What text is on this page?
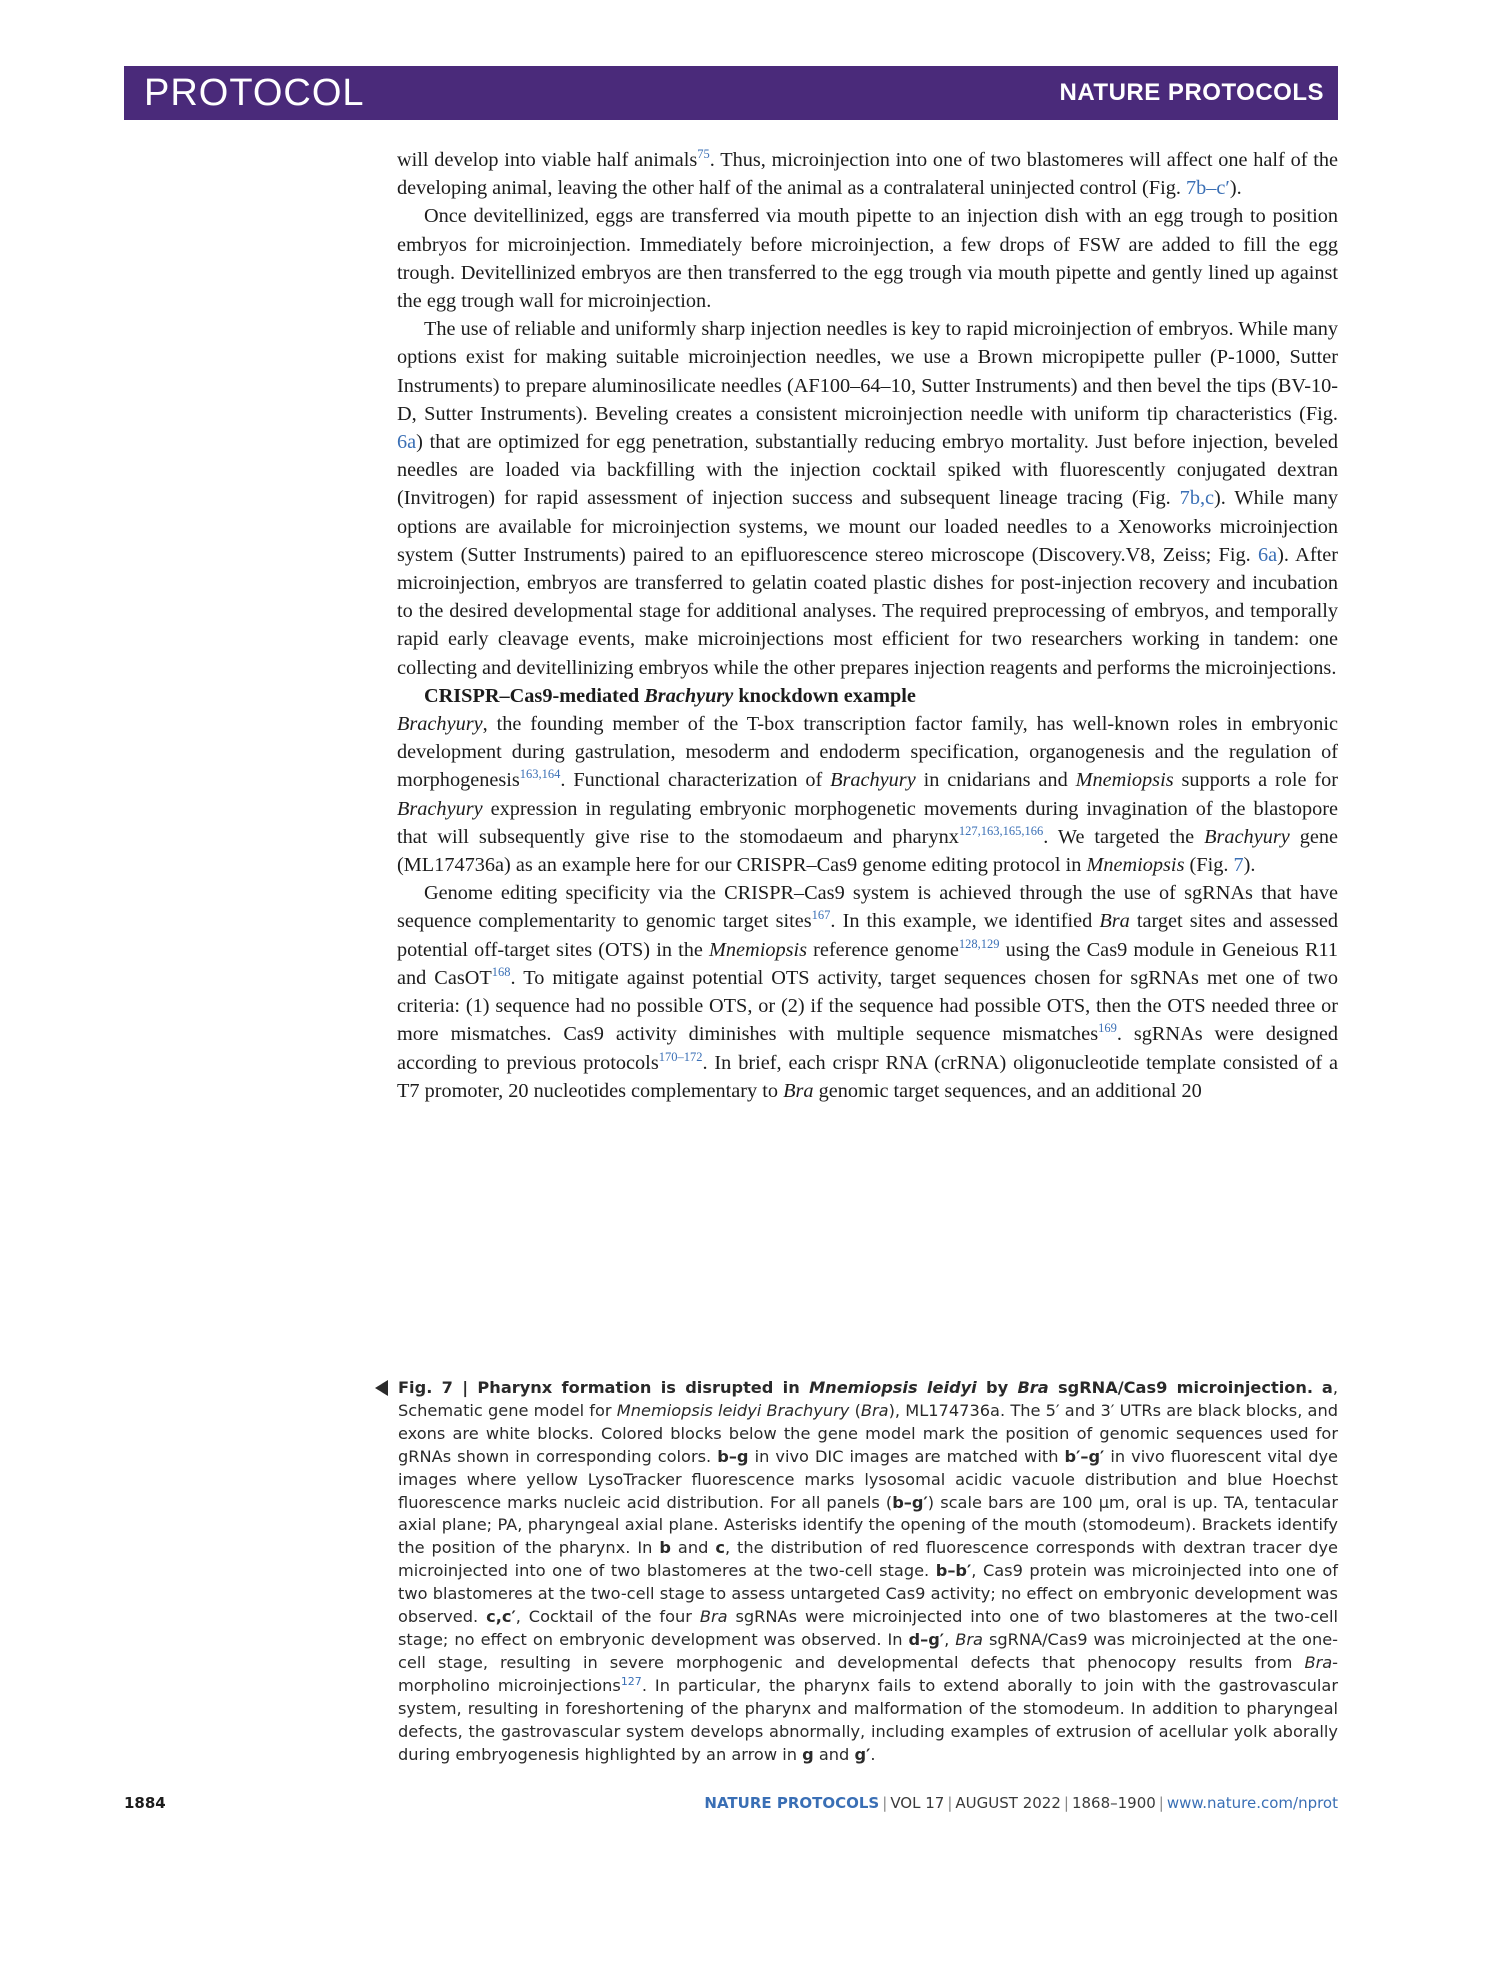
PROTOCOL	NATURE PROTOCOLS

will develop into viable half animals$^{75}$. Thus, microinjection into one of two blastomeres will affect one half of the developing animal, leaving the other half of the animal as a contralateral uninjected control (Fig. 7b–c′).

Once devitellinized, eggs are transferred via mouth pipette to an injection dish with an egg trough to position embryos for microinjection. Immediately before microinjection, a few drops of FSW are added to fill the egg trough. Devitellinized embryos are then transferred to the egg trough via mouth pipette and gently lined up against the egg trough wall for microinjection.

The use of reliable and uniformly sharp injection needles is key to rapid microinjection of embryos. While many options exist for making suitable microinjection needles, we use a Brown micropipette puller (P-1000, Sutter Instruments) to prepare aluminosilicate needles (AF100–64–10, Sutter Instruments) and then bevel the tips (BV-10-D, Sutter Instruments). Beveling creates a consistent microinjection needle with uniform tip characteristics (Fig. 6a) that are optimized for egg penetration, substantially reducing embryo mortality. Just before injection, beveled needles are loaded via backfilling with the injection cocktail spiked with fluorescently conjugated dextran (Invitrogen) for rapid assessment of injection success and subsequent lineage tracing (Fig. 7b,c). While many options are available for microinjection systems, we mount our loaded needles to a Xenoworks microinjection system (Sutter Instruments) paired to an epifluorescence stereo microscope (Discovery.V8, Zeiss; Fig. 6a). After microinjection, embryos are transferred to gelatin coated plastic dishes for post-injection recovery and incubation to the desired developmental stage for additional analyses. The required preprocessing of embryos, and temporally rapid early cleavage events, make microinjections most efficient for two researchers working in tandem: one collecting and devitellinizing embryos while the other prepares injection reagents and performs the microinjections.

CRISPR–Cas9-mediated Brachyury knockdown example

Brachyury, the founding member of the T-box transcription factor family, has well-known roles in embryonic development during gastrulation, mesoderm and endoderm specification, organogenesis and the regulation of morphogenesis$^{163,164}$. Functional characterization of Brachyury in cnidarians and Mnemiopsis supports a role for Brachyury expression in regulating embryonic morphogenetic movements during invagination of the blastopore that will subsequently give rise to the stomodaeum and pharynx$^{127,163,165,166}$. We targeted the Brachyury gene (ML174736a) as an example here for our CRISPR–Cas9 genome editing protocol in Mnemiopsis (Fig. 7).

Genome editing specificity via the CRISPR–Cas9 system is achieved through the use of sgRNAs that have sequence complementarity to genomic target sites$^{167}$. In this example, we identified Bra target sites and assessed potential off-target sites (OTS) in the Mnemiopsis reference genome$^{128,129}$ using the Cas9 module in Geneious R11 and CasOT$^{168}$. To mitigate against potential OTS activity, target sequences chosen for sgRNAs met one of two criteria: (1) sequence had no possible OTS, or (2) if the sequence had possible OTS, then the OTS needed three or more mismatches. Cas9 activity diminishes with multiple sequence mismatches$^{169}$. sgRNAs were designed according to previous protocols$^{170-172}$. In brief, each crispr RNA (crRNA) oligonucleotide template consisted of a T7 promoter, 20 nucleotides complementary to Bra genomic target sequences, and an additional 20

Fig. 7 | Pharynx formation is disrupted in Mnemiopsis leidyi by Bra sgRNA/Cas9 microinjection. a, Schematic gene model for Mnemiopsis leidyi Brachyury (Bra), ML174736a. The 5′ and 3′ UTRs are black blocks, and exons are white blocks. Colored blocks below the gene model mark the position of genomic sequences used for gRNAs shown in corresponding colors. b–g in vivo DIC images are matched with b′–g′ in vivo fluorescent vital dye images where yellow LysoTracker fluorescence marks lysosomal acidic vacuole distribution and blue Hoechst fluorescence marks nucleic acid distribution. For all panels (b–g′) scale bars are 100 µm, oral is up. TA, tentacular axial plane; PA, pharyngeal axial plane. Asterisks identify the opening of the mouth (stomodeum). Brackets identify the position of the pharynx. In b and c, the distribution of red fluorescence corresponds with dextran tracer dye microinjected into one of two blastomeres at the two-cell stage. b–b′, Cas9 protein was microinjected into one of two blastomeres at the two-cell stage to assess untargeted Cas9 activity; no effect on embryonic development was observed. c,c′, Cocktail of the four Bra sgRNAs were microinjected into one of two blastomeres at the two-cell stage; no effect on embryonic development was observed. In d–g′, Bra sgRNA/Cas9 was microinjected at the one-cell stage, resulting in severe morphogenic and developmental defects that phenocopy results from Bra-morpholino microinjections$^{127}$. In particular, the pharynx fails to extend aborally to join with the gastrovascular system, resulting in foreshortening of the pharynx and malformation of the stomodeum. In addition to pharyngeal defects, the gastrovascular system develops abnormally, including examples of extrusion of acellular yolk aborally during embryogenesis highlighted by an arrow in g and g′.
1884	NATURE PROTOCOLS | VOL 17 | AUGUST 2022 | 1868–1900 | www.nature.com/nprot
